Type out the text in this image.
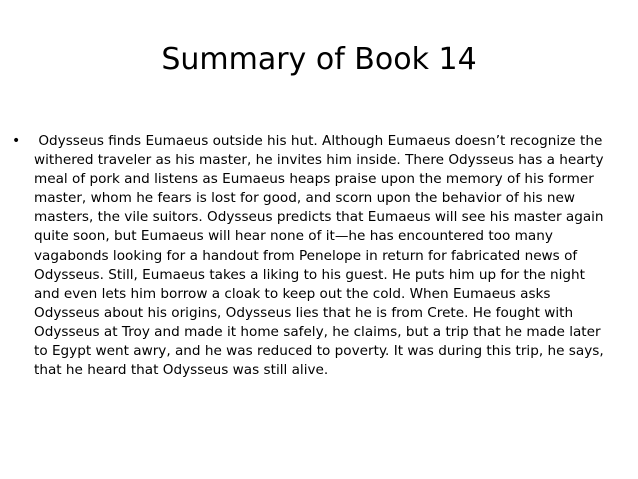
Summary of Book 14
•	Odysseus finds Eumaeus outside his hut. Although Eumaeus doesn’t recognize the withered traveler as his master, he invites him inside. There Odysseus has a hearty meal of pork and listens as Eumaeus heaps praise upon the memory of his former master, whom he fears is lost for good, and scorn upon the behavior of his new masters, the vile suitors. Odysseus predicts that Eumaeus will see his master again quite soon, but Eumaeus will hear none of it—he has encountered too many vagabonds looking for a handout from Penelope in return for fabricated news of Odysseus. Still, Eumaeus takes a liking to his guest. He puts him up for the night and even lets him borrow a cloak to keep out the cold. When Eumaeus asks Odysseus about his origins, Odysseus lies that he is from Crete. He fought with Odysseus at Troy and made it home safely, he claims, but a trip that he made later to Egypt went awry, and he was reduced to poverty. It was during this trip, he says, that he heard that Odysseus was still alive.
